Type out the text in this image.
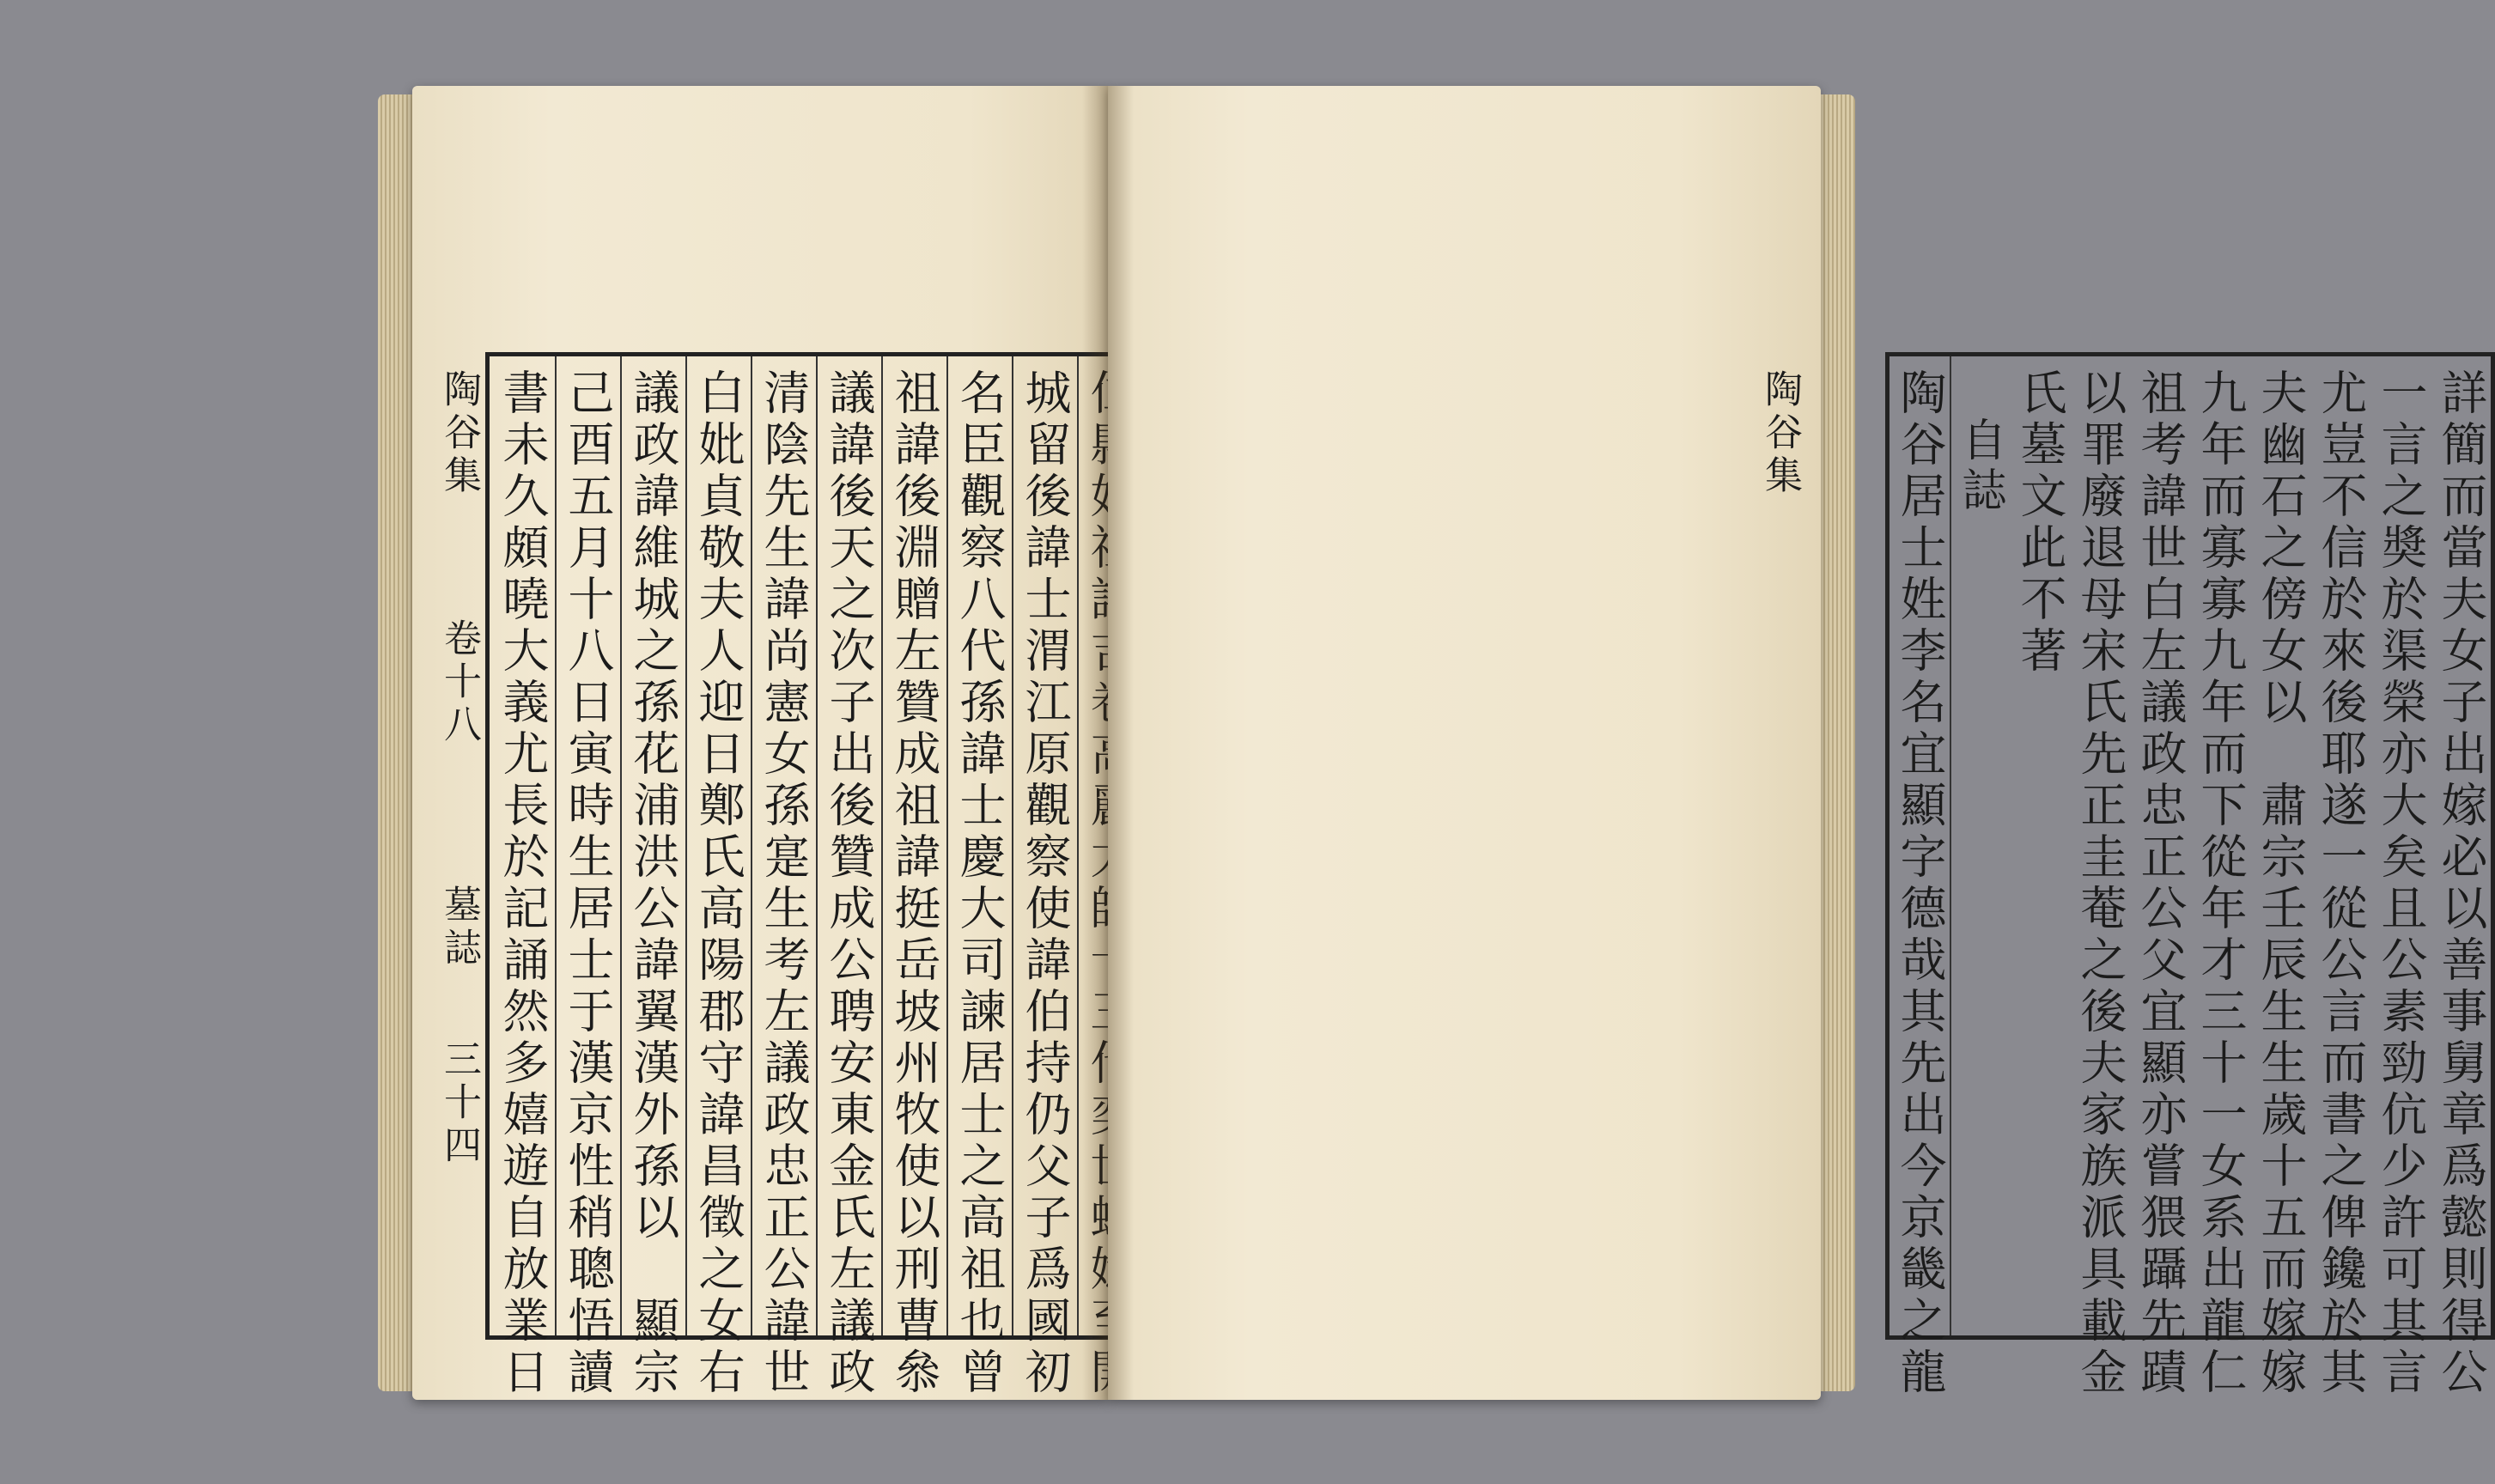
陶谷集
卷十八
墓誌
三十四	城留後諱士渭江原觀察使諱伯持仍父子爲國初
名臣觀察八代孫諱士慶大司諫居士之高祖也曾
祖諱後淵贈左贊成祖諱挺岳坡州牧使以刑曹叅
議諱後天之次子出後贊成公聘安東金氏左議政
清陰先生諱尚憲女孫寔生考左議政忠正公諱世
白妣貞敬夫人迎日鄭氏高陽郡守諱昌徵之女右
議政諱維城之孫花浦洪公諱翼漢外孫以　顯宗
己酉五月十八日寅時生居士于漢京性稍聰悟讀
書未久頗曉大義尤長於記誦然多嬉遊自放業日	詳簡而當夫女子出嫁必以善事舅章爲懿則得公
一言之奬於渠榮亦大矣且公素勁伉少許可其言
尤豈不信於來後耶遂一從公言而書之俾鑱於其
夫幽石之傍女以　肅宗壬辰生生歲十五而嫁嫁
九年而寡寡九年而下從年才三十一女系出龍仁
祖考諱世白左議政忠正公父宜顯亦嘗猥躡先蹟
以罪廢退母宋氏先正圭菴之後夫家族派具載金
氏墓文此不著
自誌
陶谷居士姓李名宜顯字德哉其先出今京畿之龍
陶谷集
